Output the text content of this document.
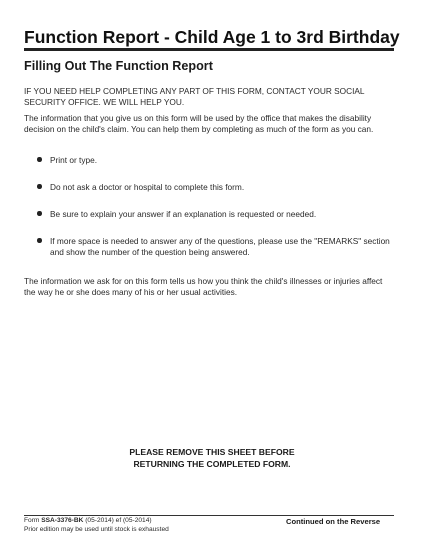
Function Report - Child Age 1 to 3rd Birthday
Filling Out The Function Report

IF YOU NEED HELP COMPLETING ANY PART OF THIS FORM, CONTACT YOUR SOCIAL SECURITY OFFICE. WE WILL HELP YOU.

The information that you give us on this form will be used by the office that makes the disability decision on the child's claim. You can help them by completing as much of the form as you can.

Print or type.
Do not ask a doctor or hospital to complete this form.
Be sure to explain your answer if an explanation is requested or needed.
If more space is needed to answer any of the questions, please use the "REMARKS" section and show the number of the question being answered.

The information we ask for on this form tells us how you think the child's illnesses or injuries affect the way he or she does many of his or her usual activities.

PLEASE REMOVE THIS SHEET BEFORE
RETURNING THE COMPLETED FORM.

Form SSA-3376-BK (05-2014) ef (05-2014)
Prior edition may be used until stock is exhausted
Continued on the Reverse
